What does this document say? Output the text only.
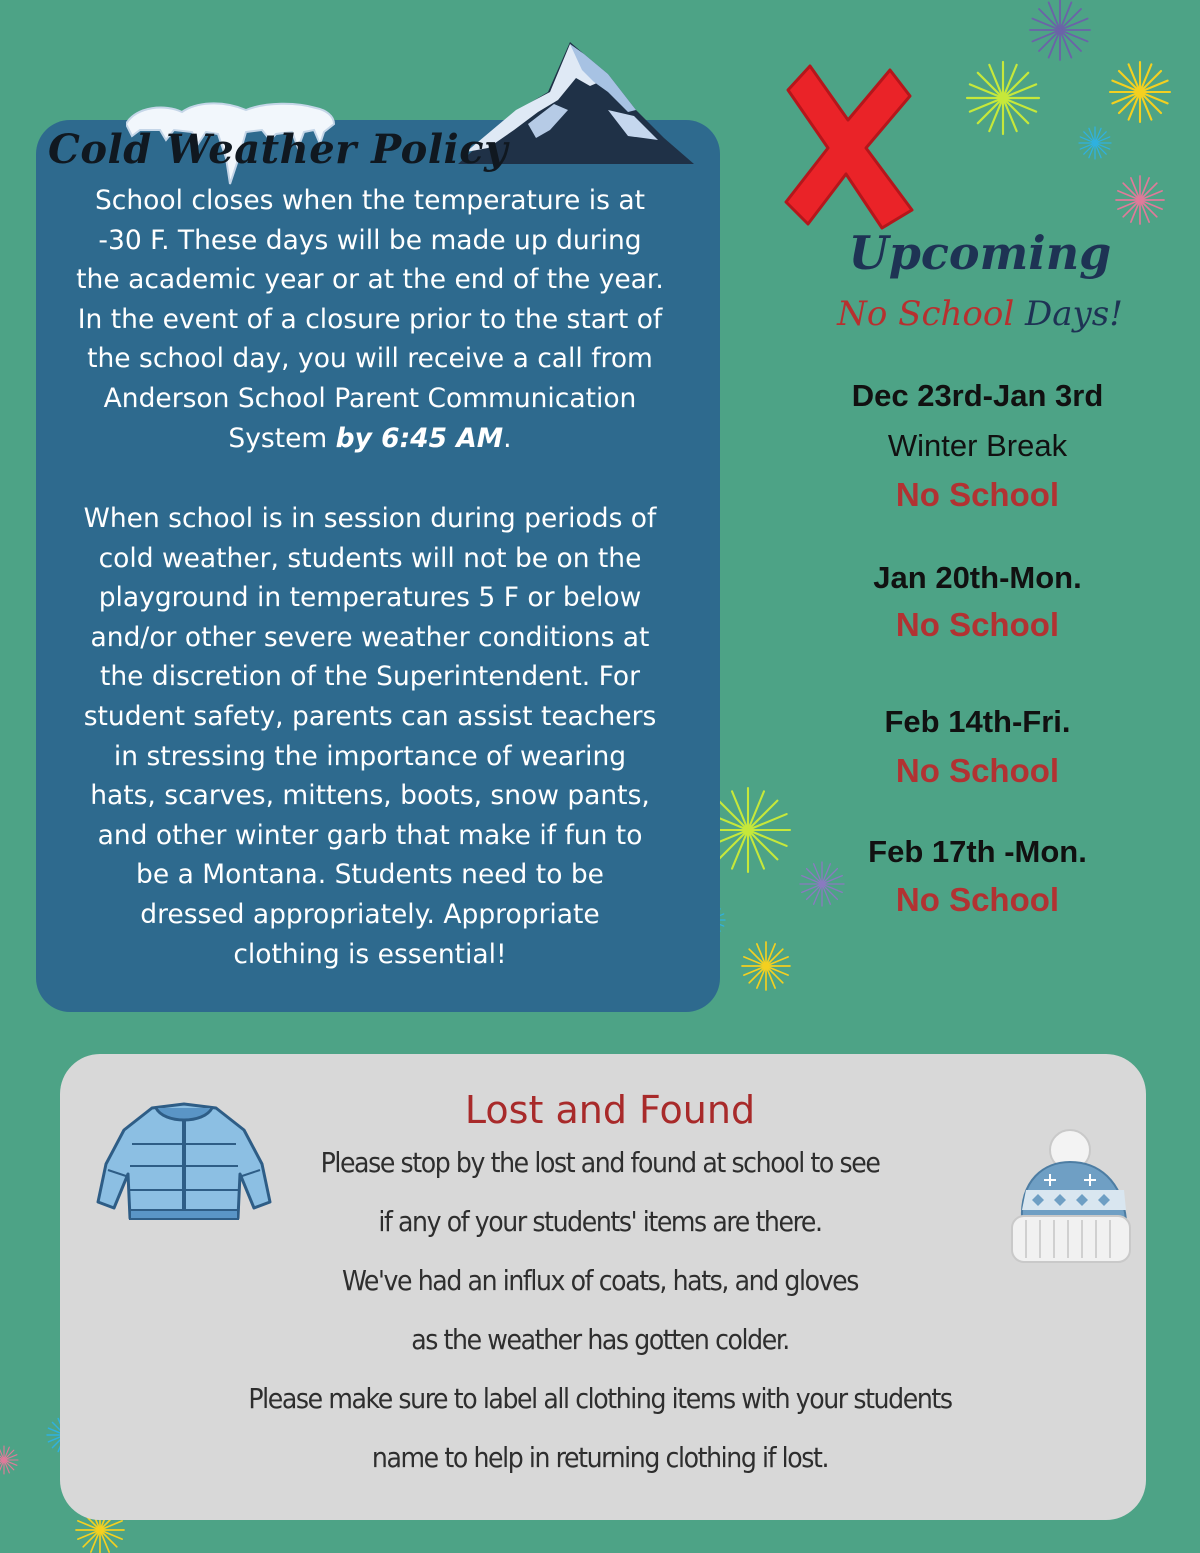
Cold Weather Policy
School closes when the temperature is at
-30 F. These days will be made up during
the academic year or at the end of the year.
In the event of a closure prior to the start of
the school day, you will receive a call from
Anderson School Parent Communication
System by 6:45 AM.
When school is in session during periods of
cold weather, students will not be on the
playground in temperatures 5 F or below
and/or other severe weather conditions at
the discretion of the Superintendent. For
student safety, parents can assist teachers
in stressing the importance of wearing
hats, scarves, mittens, boots, snow pants,
and other winter garb that make if fun to
be a Montana. Students need to be
dressed appropriately. Appropriate
clothing is essential!
Upcoming
No School Days!
Dec 23rd-Jan 3rd
Winter Break
No School
Jan 20th-Mon.
No School
Feb 14th-Fri.
No School
Feb 17th -Mon.
No School
Lost and Found
Please stop by the lost and found at school to see
if any of your students' items are there.
We've had an influx of coats, hats, and gloves
as the weather has gotten colder.
Please make sure to label all clothing items with your students
name to help in returning clothing if lost.
